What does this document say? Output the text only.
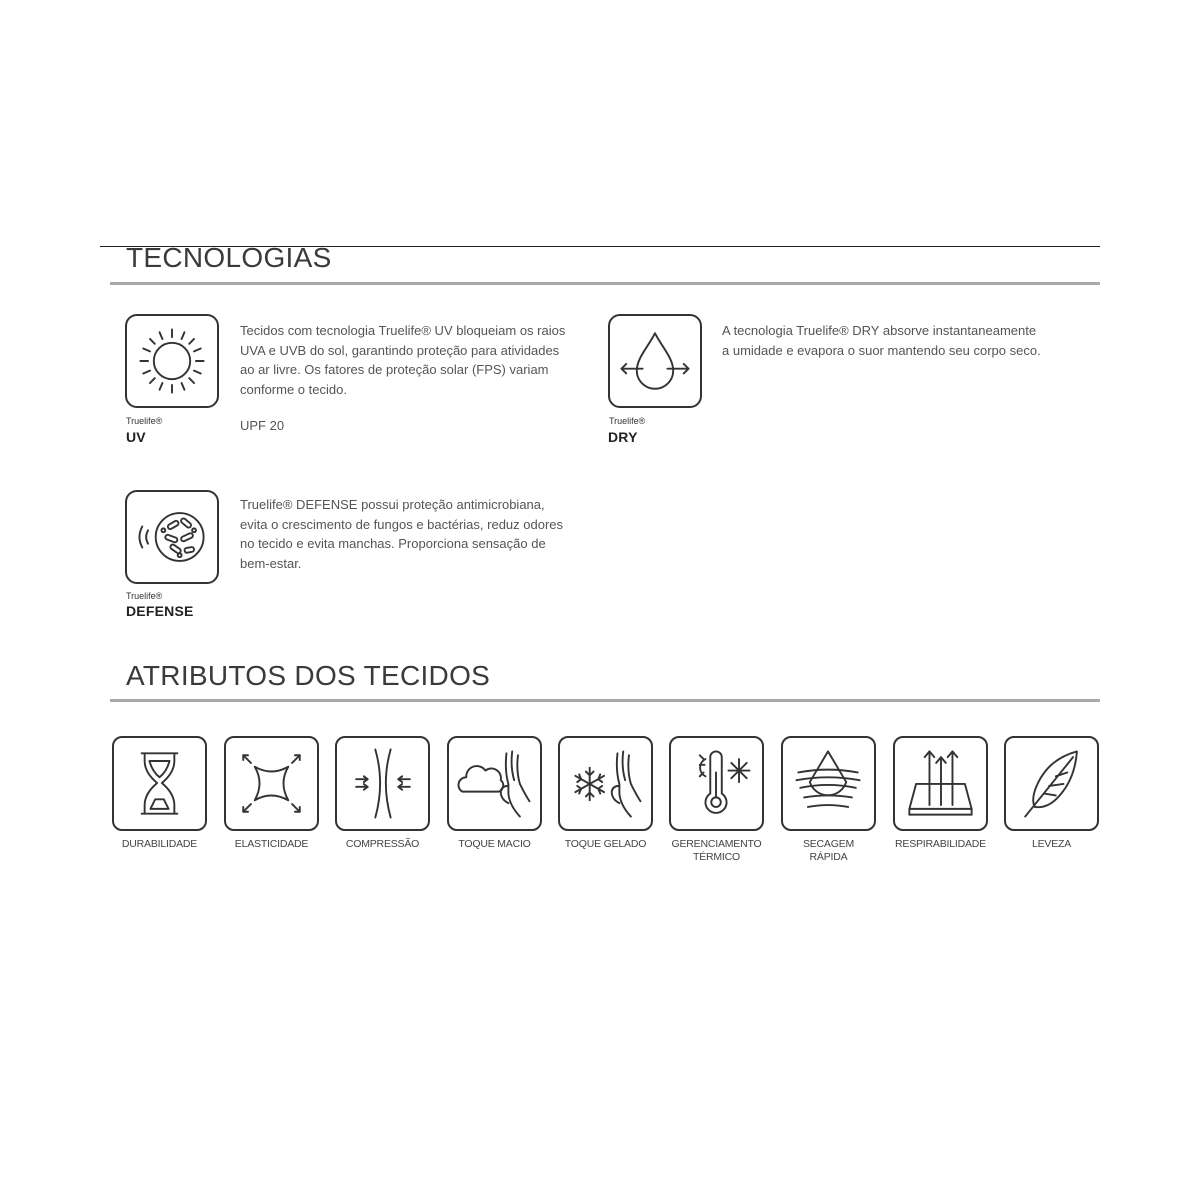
TECNOLOGIAS
Truelife®
UV

Tecidos com tecnologia Truelife® UV bloqueiam os raios UVA e UVB do sol, garantindo proteção para atividades ao ar livre. Os fatores de proteção solar (FPS) variam conforme o tecido.

UPF 20	Truelife®
DRY

A tecnologia Truelife® DRY absorve instantaneamente a umidade e evapora o suor mantendo seu corpo seco.

Truelife®
DEFENSE

Truelife® DEFENSE possui proteção antimicrobiana, evita o crescimento de fungos e bactérias, reduz odores no tecido e evita manchas. Proporciona sensação de bem-estar.

ATRIBUTOS DOS TECIDOS
DURABILIDADE	ELASTICIDADE	COMPRESSÃO	TOQUE MACIO	TOQUE GELADO	GERENCIAMENTO
TÉRMICO
SECAGEM
RÁPIDA
RESPIRABILIDADE	LEVEZA
